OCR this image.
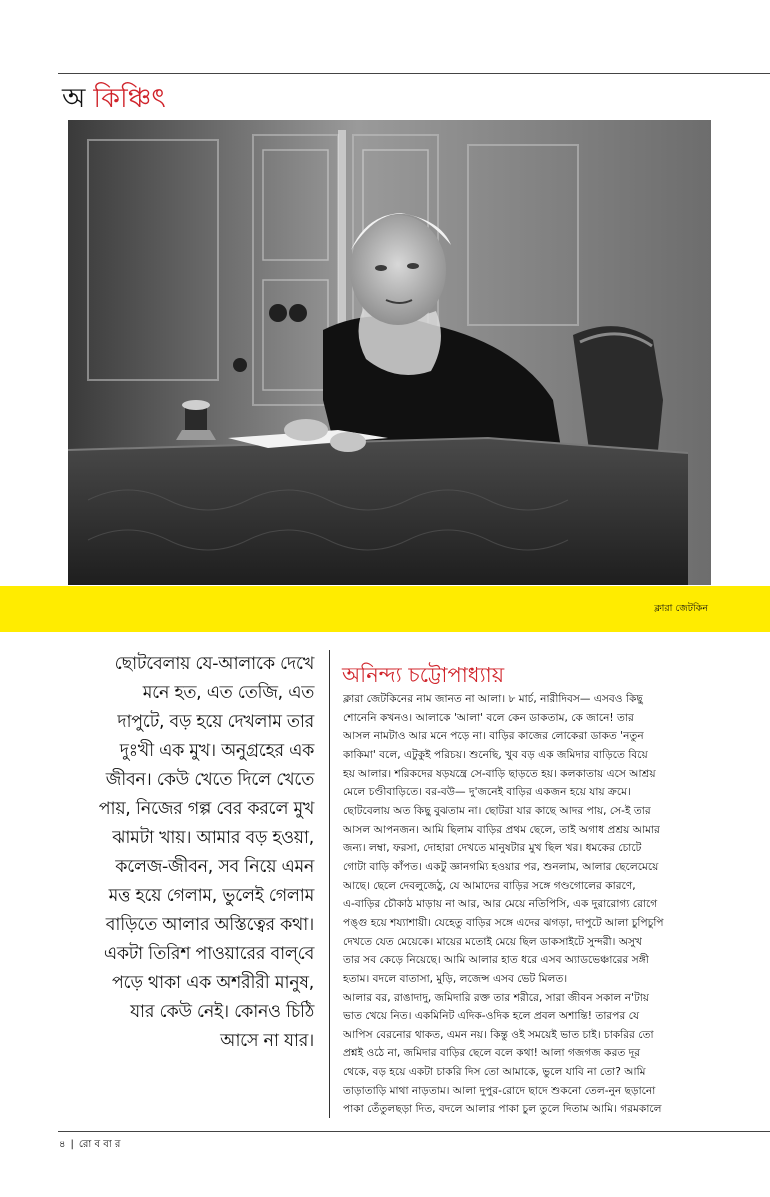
অ কিঞ্চিৎ
ক্লারা জেটকিন
ছোটবেলায় যে-আলাকে দেখে
মনে হত, এত তেজি, এত
দাপুটে, বড় হয়ে দেখলাম তার
দুঃখী এক মুখ। অনুগ্রহের এক
জীবন। কেউ খেতে দিলে খেতে
পায়, নিজের গল্প বের করলে মুখ
ঝামটা খায়। আমার বড় হওয়া,
কলেজ-জীবন, সব নিয়ে এমন
মত্ত হয়ে গেলাম, ভুলেই গেলাম
বাড়িতে আলার অস্তিত্বের কথা।
একটা তিরিশ পাওয়ারের বাল্‌বে
পড়ে থাকা এক অশরীরী মানুষ,
যার কেউ নেই। কোনও চিঠি
আসে না যার।
অনিন্দ্য চট্টোপাধ্যায়
ক্লারা জেটকিনের নাম জানত না আলা। ৮ মার্চ, নারীদিবস— এসবও কিছু
শোনেনি কখনও। আলাকে 'আলা' বলে কেন ডাকতাম, কে জানে! তার
আসল নামটাও আর মনে পড়ে না। বাড়ির কাজের লোকেরা ডাকত 'নতুন
কাকিমা' বলে, এটুকুই পরিচয়। শুনেছি, খুব বড় এক জমিদার বাড়িতে বিয়ে
হয় আলার। শরিকদের ষড়যন্ত্রে সে-বাড়ি ছাড়তে হয়। কলকাতায় এসে আশ্রয়
মেলে চণ্ডীবাড়িতে। বর-বউ— দু'জনেই বাড়ির একজন হয়ে যায় ক্রমে।
ছোটবেলায় অত কিছু বুঝতাম না। ছোটরা যার কাছে আদর পায়, সে-ই তার
আসল আপনজন। আমি ছিলাম বাড়ির প্রথম ছেলে, তাই অগাধ প্রশ্রয় আমার
জন্য। লম্বা, ফরসা, দোহারা দেখতে মানুষটার মুখ ছিল খর। ধমকের চোটে
গোটা বাড়ি কাঁপত। একটু জ্ঞানগম্যি হওয়ার পর, শুনলাম, আলার ছেলেমেয়ে
আছে। ছেলে দেবলুজেঠু, যে আমাদের বাড়ির সঙ্গে গণ্ডগোলের কারণে,
এ-বাড়ির চৌকাঠ মাড়ায় না আর, আর মেয়ে নতিপিসি, এক দুরারোগ্য রোগে
পঙ্গু হয়ে শয্যাশায়ী। যেহেতু বাড়ির সঙ্গে এদের ঝগড়া, দাপুটে আলা চুপিচুপি
দেখতে যেত মেয়েকে। মায়ের মতোই মেয়ে ছিল ডাকসাইটে সুন্দরী। অসুখ
তার সব কেড়ে নিয়েছে। আমি আলার হাত ধরে এসব অ্যাডভেঞ্চারের সঙ্গী
হতাম। বদলে বাতাসা, মুড়ি, লজেন্স এসব ভেট মিলত।
আলার বর, রাঙাদাদু, জমিদারি রক্ত তার শরীরে, সারা জীবন সকাল ন'টায়
ভাত খেয়ে নিত। একমিনিট এদিক-ওদিক হলে প্রবল অশান্তি! তারপর যে
আপিস বেরনোর থাকত, এমন নয়। কিন্তু ওই সময়েই ভাত চাই। চাকরির তো
প্রশ্নই ওঠে না, জমিদার বাড়ির ছেলে বলে কথা! আলা গজগজ করত দূর
থেকে, বড় হয়ে একটা চাকরি দিস তো আমাকে, ভুলে যাবি না তো? আমি
তাড়াতাড়ি মাথা নাড়তাম। আলা দুপুর-রোদে ছাদে শুকনো তেল-নুন ছড়ানো
পাকা তেঁতুলছড়া দিত, বদলে আলার পাকা চুল তুলে দিতাম আমি। গরমকালে
৪ | রো ব বা র
